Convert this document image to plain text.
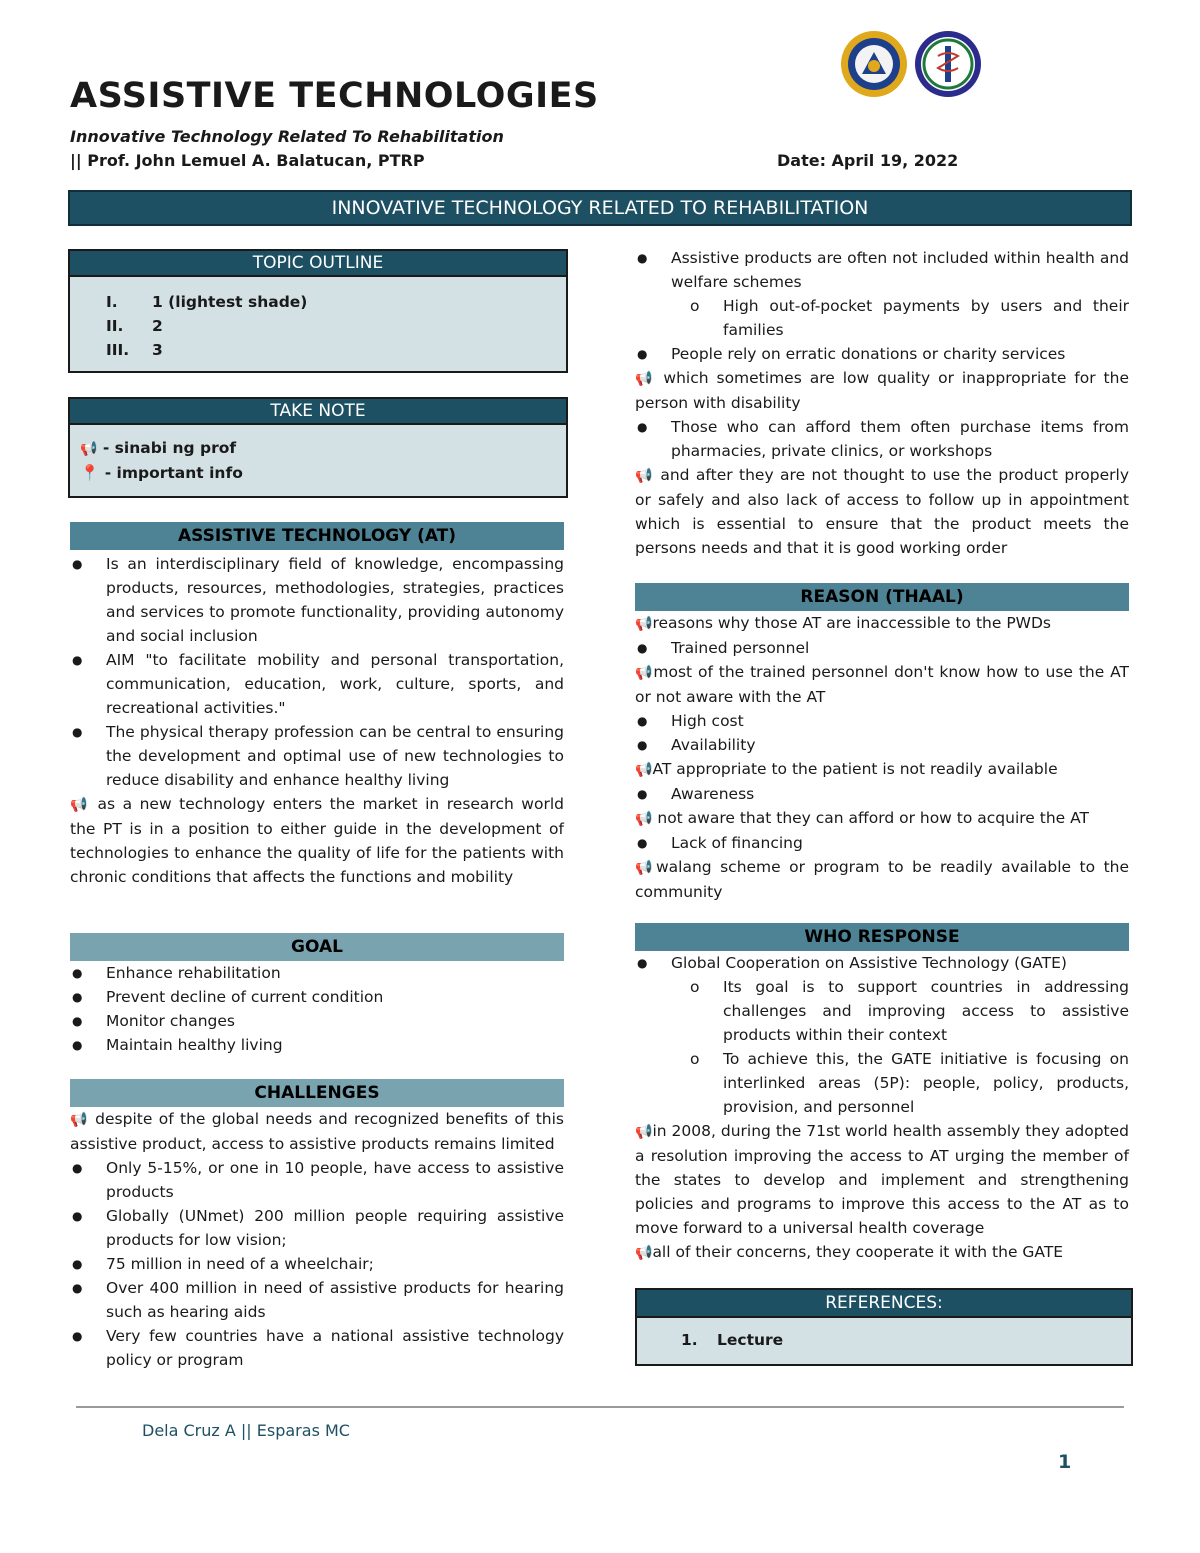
ASSISTIVE TECHNOLOGIES
Innovative Technology Related To Rehabilitation
|| Prof. John Lemuel A. Balatucan, PTRP	Date: April 19, 2022
INNOVATIVE TECHNOLOGY RELATED TO REHABILITATION
TOPIC OUTLINE
I. 1 (lightest shade)
II. 2
III. 3
TAKE NOTE
📢 - sinabi ng prof
📍 - important info
ASSISTIVE TECHNOLOGY (AT)
● Is an interdisciplinary field of knowledge, encompassing products, resources, methodologies, strategies, practices and services to promote functionality, providing autonomy and social inclusion
● AIM "to facilitate mobility and personal transportation, communication, education, work, culture, sports, and recreational activities."
● The physical therapy profession can be central to ensuring the development and optimal use of new technologies to reduce disability and enhance healthy living

📢 as a new technology enters the market in research world the PT is in a position to either guide in the development of technologies to enhance the quality of life for the patients with chronic conditions that affects the functions and mobility

GOAL
● Enhance rehabilitation
● Prevent decline of current condition
● Monitor changes
● Maintain healthy living
CHALLENGES

📢 despite of the global needs and recognized benefits of this assistive product, access to assistive products remains limited

● Only 5-15%, or one in 10 people, have access to assistive products
● Globally (UNmet) 200 million people requiring assistive products for low vision;
● 75 million in need of a wheelchair;
● Over 400 million in need of assistive products for hearing such as hearing aids
● Very few countries have a national assistive technology policy or program
● Assistive products are often not included within health and welfare schemes
o High out-of-pocket payments by users and their families
● People rely on erratic donations or charity services

📢 which sometimes are low quality or inappropriate for the person with disability

● Those who can afford them often purchase items from pharmacies, private clinics, or workshops

📢 and after they are not thought to use the product properly or safely and also lack of access to follow up in appointment which is essential to ensure that the product meets the persons needs and that it is good working order

REASON (THAAL)

📢reasons why those AT are inaccessible to the PWDs

● Trained personnel

📢most of the trained personnel don't know how to use the AT or not aware with the AT

● High cost
● Availability

📢AT appropriate to the patient is not readily available

● Awareness

📢 not aware that they can afford or how to acquire the AT

● Lack of financing

📢walang scheme or program to be readily available to the community

WHO RESPONSE
● Global Cooperation on Assistive Technology (GATE)
o Its goal is to support countries in addressing challenges and improving access to assistive products within their context
o To achieve this, the GATE initiative is focusing on interlinked areas (5P): people, policy, products, provision, and personnel

📢in 2008, during the 71st world health assembly they adopted a resolution improving the access to AT urging the member of the states to develop and implement and strengthening policies and programs to improve this access to the AT as to move forward to a universal health coverage

📢all of their concerns, they cooperate it with the GATE

REFERENCES:
1. Lecture
Dela Cruz A || Esparas MC
1
